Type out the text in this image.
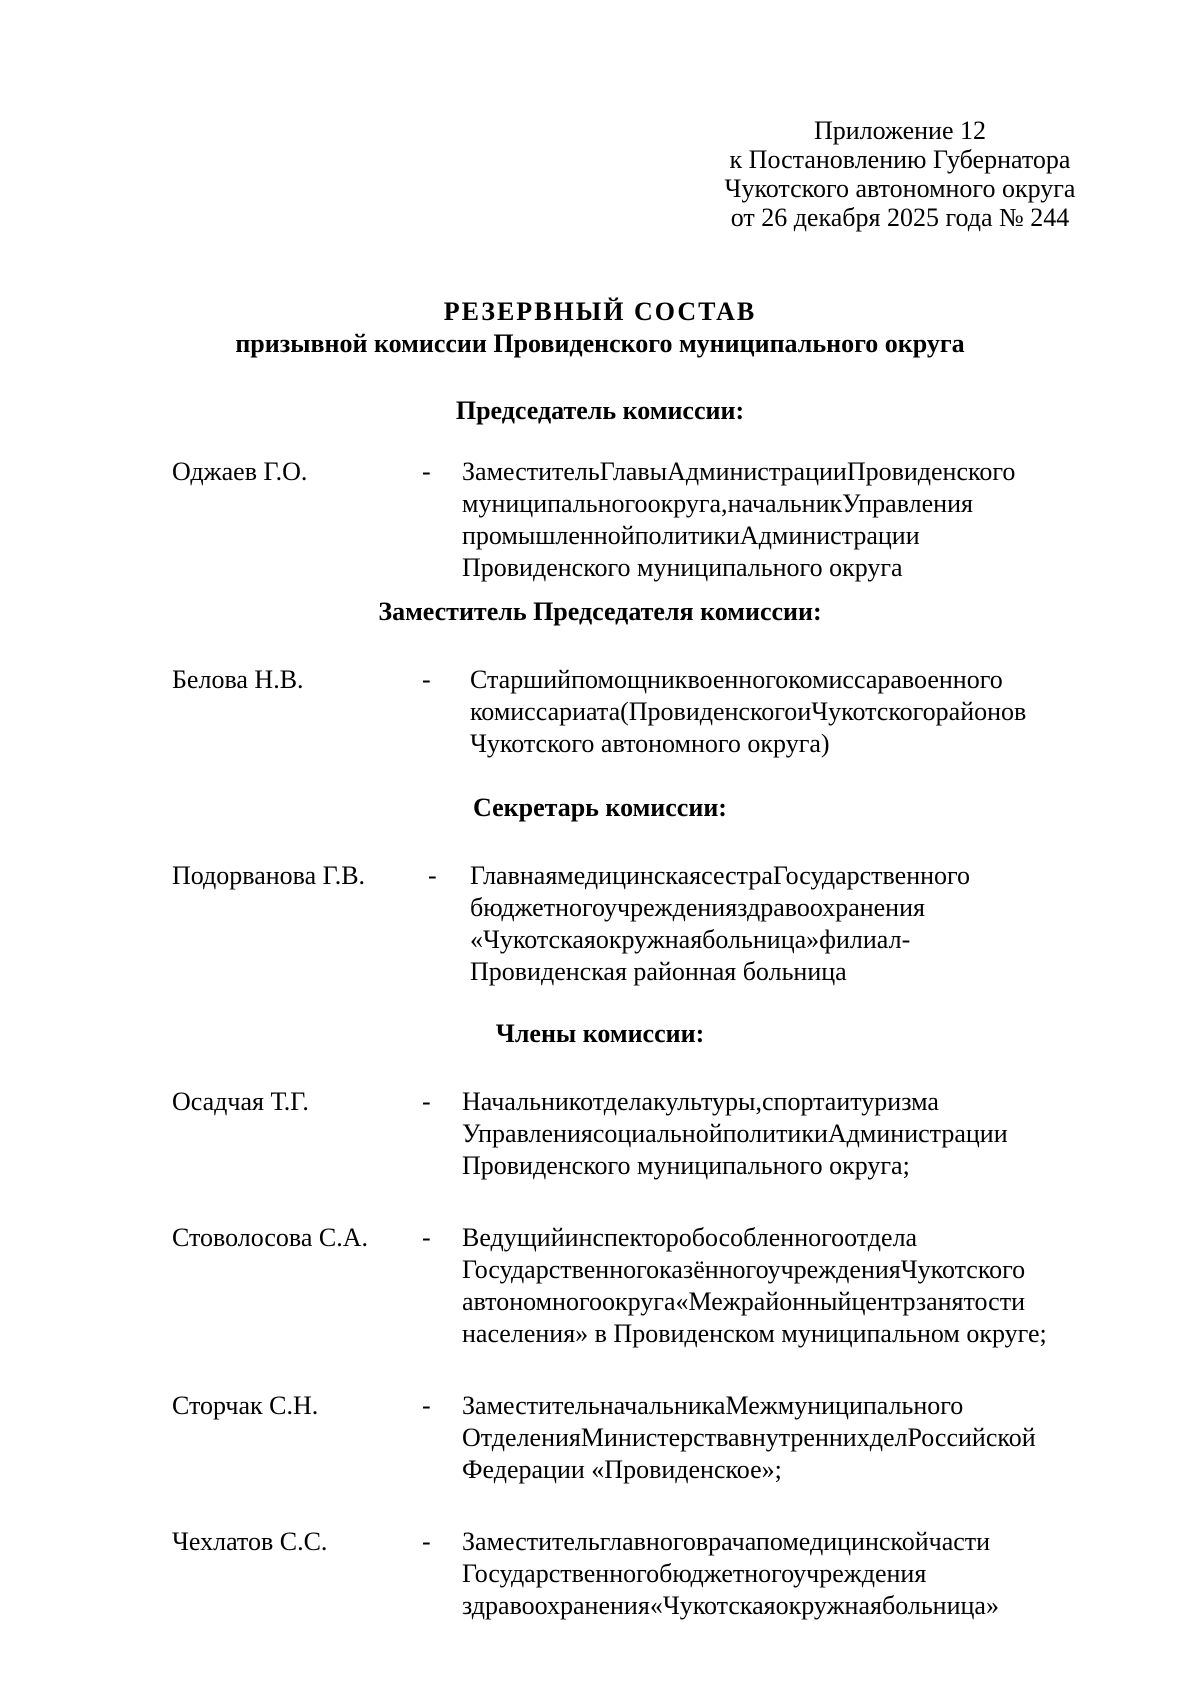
Приложение 12
к Постановлению Губернатора
Чукотского автономного округа
от 26 декабря 2025 года № 244
РЕЗЕРВНЫЙ СОСТАВ
призывной комиссии Провиденского муниципального округа
Председатель комиссии:
Оджаев Г.О.	- ЗаместительГлавыАдминистрацииПровиденского
муниципальногоокруга,начальникУправления
промышленнойполитикиАдминистрации
Провиденского муниципального округа
Заместитель Председателя комиссии:
Белова Н.В.	- Старшийпомощниквоенногокомиссаравоенного
комиссариата(ПровиденскогоиЧукотскогорайонов
Чукотского автономного округа)
Секретарь комиссии:
Подорванова Г.В. - ГлавнаямедицинскаясестраГосударственного
бюджетногоучрежденияздравоохранения
«Чукотскаяокружнаябольница»филиал-
Провиденская районная больница
Члены комиссии:
Осадчая Т.Г.	- Начальникотделакультуры,спортаитуризма
УправлениясоциальнойполитикиАдминистрации
Провиденского муниципального округа;
Стоволосова С.А. - Ведущийинспекторобособленногоотдела
ГосударственногоказённогоучрежденияЧукотского
автономногоокруга«Межрайонныйцентрзанятости
населения» в Провиденском муниципальном округе;
Сторчак С.Н.	- ЗаместительначальникаМежмуниципального
ОтделенияМинистерствавнутреннихделРоссийской
Федерации «Провиденское»;
Чехлатов С.С.	- Заместительглавноговрачапомедицинскойчасти
Государственногобюджетногоучреждения
здравоохранения«Чукотскаяокружнаябольница»
